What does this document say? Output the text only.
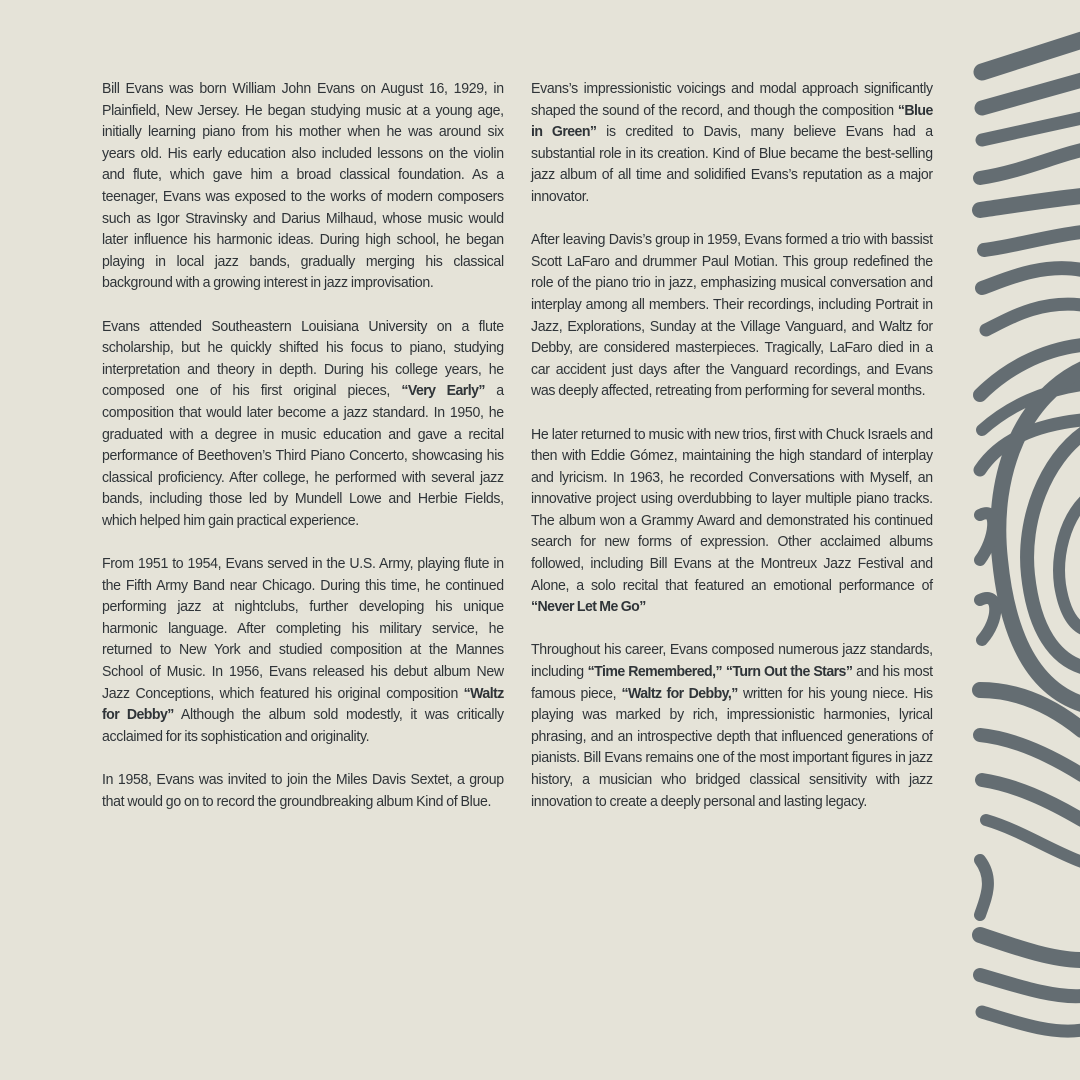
Bill Evans was born William John Evans on August 16, 1929, in Plainfield, New Jersey. He began studying music at a young age, initially learning piano from his mother when he was around six years old. His early education also included lessons on the violin and flute, which gave him a broad classical foundation. As a teenager, Evans was exposed to the works of modern composers such as Igor Stravinsky and Darius Milhaud, whose music would later influence his harmonic ideas. During high school, he began playing in local jazz bands, gradually merging his classical background with a growing interest in jazz improvisation.

Evans attended Southeastern Louisiana University on a flute scholarship, but he quickly shifted his focus to piano, studying interpretation and theory in depth. During his college years, he composed one of his first original pieces, “Very Early” a composition that would later become a jazz standard. In 1950, he graduated with a degree in music education and gave a recital performance of Beethoven’s Third Piano Concerto, showcasing his classical proficiency. After college, he performed with several jazz bands, including those led by Mundell Lowe and Herbie Fields, which helped him gain practical experience.

From 1951 to 1954, Evans served in the U.S. Army, playing flute in the Fifth Army Band near Chicago. During this time, he continued performing jazz at nightclubs, further developing his unique harmonic language. After completing his military service, he returned to New York and studied composition at the Mannes School of Music. In 1956, Evans released his debut album New Jazz Conceptions, which featured his original composition “Waltz for Debby” Although the album sold modestly, it was critically acclaimed for its sophistication and originality.

In 1958, Evans was invited to join the Miles Davis Sextet, a group that would go on to record the groundbreaking album Kind of Blue.

Evans’s impressionistic voicings and modal approach significantly shaped the sound of the record, and though the composition “Blue in Green” is credited to Davis, many believe Evans had a substantial role in its creation. Kind of Blue became the best-selling jazz album of all time and solidified Evans’s reputation as a major innovator.

After leaving Davis’s group in 1959, Evans formed a trio with bassist Scott LaFaro and drummer Paul Motian. This group redefined the role of the piano trio in jazz, emphasizing musical conversation and interplay among all members. Their recordings, including Portrait in Jazz, Explorations, Sunday at the Village Vanguard, and Waltz for Debby, are considered masterpieces. Tragically, LaFaro died in a car accident just days after the Vanguard recordings, and Evans was deeply affected, retreating from performing for several months.

He later returned to music with new trios, first with Chuck Israels and then with Eddie Gómez, maintaining the high standard of interplay and lyricism. In 1963, he recorded Conversations with Myself, an innovative project using overdubbing to layer multiple piano tracks. The album won a Grammy Award and demonstrated his continued search for new forms of expression. Other acclaimed albums followed, including Bill Evans at the Montreux Jazz Festival and Alone, a solo recital that featured an emotional performance of “Never Let Me Go”

Throughout his career, Evans composed numerous jazz standards, including “Time Remembered,” “Turn Out the Stars” and his most famous piece, “Waltz for Debby,” written for his young niece. His playing was marked by rich, impressionistic harmonies, lyrical phrasing, and an introspective depth that influenced generations of pianists. Bill Evans remains one of the most important figures in jazz history, a musician who bridged classical sensitivity with jazz innovation to create a deeply personal and lasting legacy.
